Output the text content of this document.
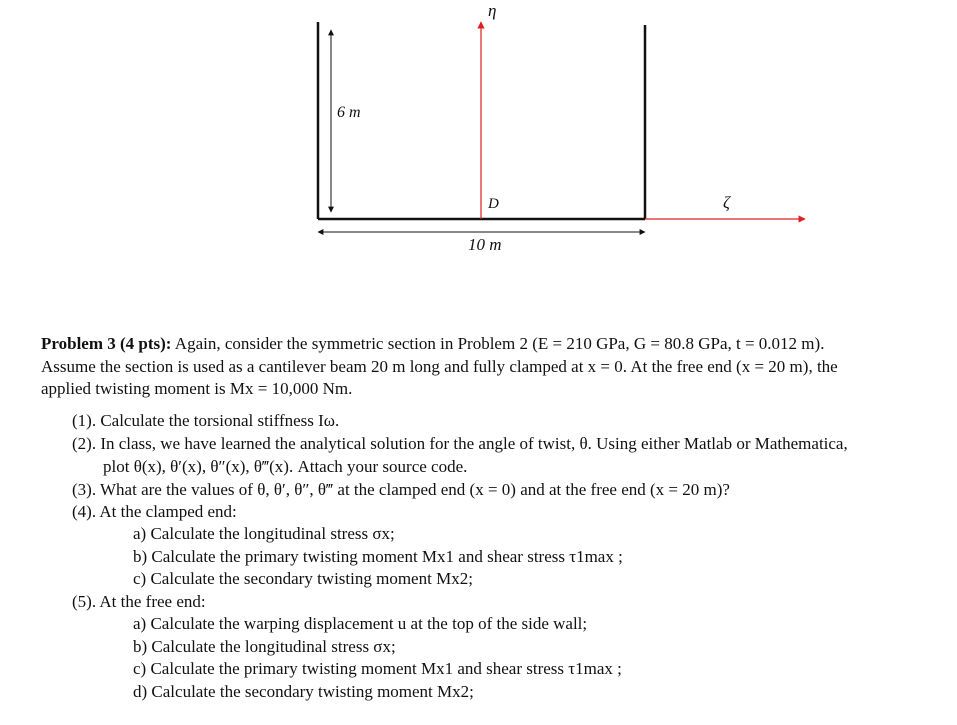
η
ζ
D
6 m
10 m
Problem 3 (4 pts): Again, consider the symmetric section in Problem 2 (E = 210 GPa, G = 80.8 GPa, t = 0.012 m).
Assume the section is used as a cantilever beam 20 m long and fully clamped at x = 0. At the free end (x = 20 m), the
applied twisting moment is Mx = 10,000 Nm.
(1). Calculate the torsional stiffness Iω.
(2). In class, we have learned the analytical solution for the angle of twist, θ. Using either Matlab or Mathematica,
plot θ(x), θ′(x), θ″(x), θ‴(x). Attach your source code.
(3). What are the values of θ, θ′, θ″, θ‴ at the clamped end (x = 0) and at the free end (x = 20 m)?
(4). At the clamped end:
a) Calculate the longitudinal stress σx;
b) Calculate the primary twisting moment Mx1 and shear stress τ1max ;
c) Calculate the secondary twisting moment Mx2;
(5). At the free end:
a) Calculate the warping displacement u at the top of the side wall;
b) Calculate the longitudinal stress σx;
c) Calculate the primary twisting moment Mx1 and shear stress τ1max ;
d) Calculate the secondary twisting moment Mx2;
